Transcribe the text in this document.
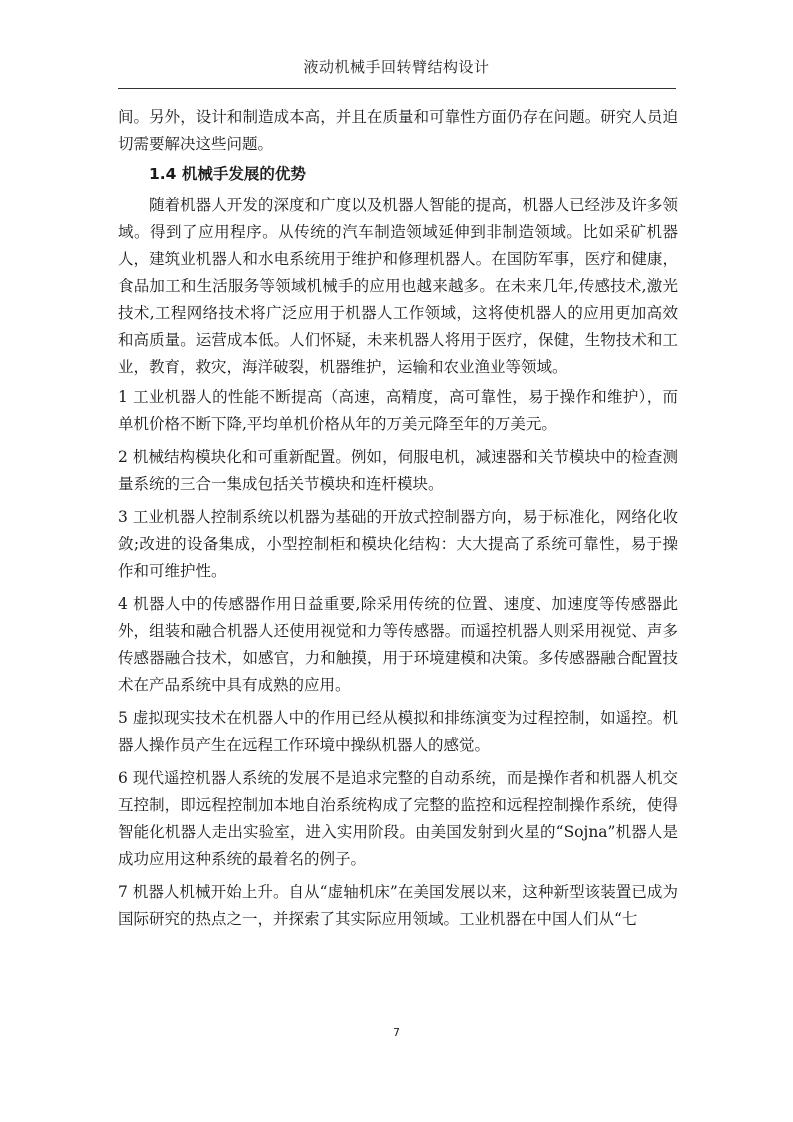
液动机械手回转臂结构设计

间。另外，设计和制造成本高，并且在质量和可靠性方面仍存在问题。研究人员迫切需要解决这些问题。

1.4 机械手发展的优势

随着机器人开发的深度和广度以及机器人智能的提高，机器人已经涉及许多领域。得到了应用程序。从传统的汽车制造领域延伸到非制造领域。比如采矿机器人，建筑业机器人和水电系统用于维护和修理机器人。在国防军事，医疗和健康，食品加工和生活服务等领域机械手的应用也越来越多。在未来几年,传感技术,激光技术,工程网络技术将广泛应用于机器人工作领域，这将使机器人的应用更加高效和高质量。运营成本低。人们怀疑，未来机器人将用于医疗，保健，生物技术和工业，教育，救灾，海洋破裂，机器维护，运输和农业渔业等领域。

1 工业机器人的性能不断提高（高速，高精度，高可靠性，易于操作和维护），而单机价格不断下降,平均单机价格从年的万美元降至年的万美元。

2 机械结构模块化和可重新配置。例如，伺服电机，减速器和关节模块中的检查测量系统的三合一集成包括关节模块和连杆模块。

3 工业机器人控制系统以机器为基础的开放式控制器方向，易于标准化，网络化收敛;改进的设备集成，小型控制柜和模块化结构：大大提高了系统可靠性，易于操作和可维护性。

4 机器人中的传感器作用日益重要,除采用传统的位置、速度、加速度等传感器此外，组装和融合机器人还使用视觉和力等传感器。而遥控机器人则采用视觉、声多传感器融合技术，如感官，力和触摸，用于环境建模和决策。多传感器融合配置技术在产品系统中具有成熟的应用。

5 虚拟现实技术在机器人中的作用已经从模拟和排练演变为过程控制，如遥控。机器人操作员产生在远程工作环境中操纵机器人的感觉。

6 现代遥控机器人系统的发展不是追求完整的自动系统，而是操作者和机器人机交互控制，即远程控制加本地自治系统构成了完整的监控和远程控制操作系统，使得智能化机器人走出实验室，进入实用阶段。由美国发射到火星的“Sojna”机器人是成功应用这种系统的最着名的例子。

7 机器人机械开始上升。自从“虚轴机床”在美国发展以来，这种新型该装置已成为国际研究的热点之一，并探索了其实际应用领域。工业机器在中国人们从“七

7
